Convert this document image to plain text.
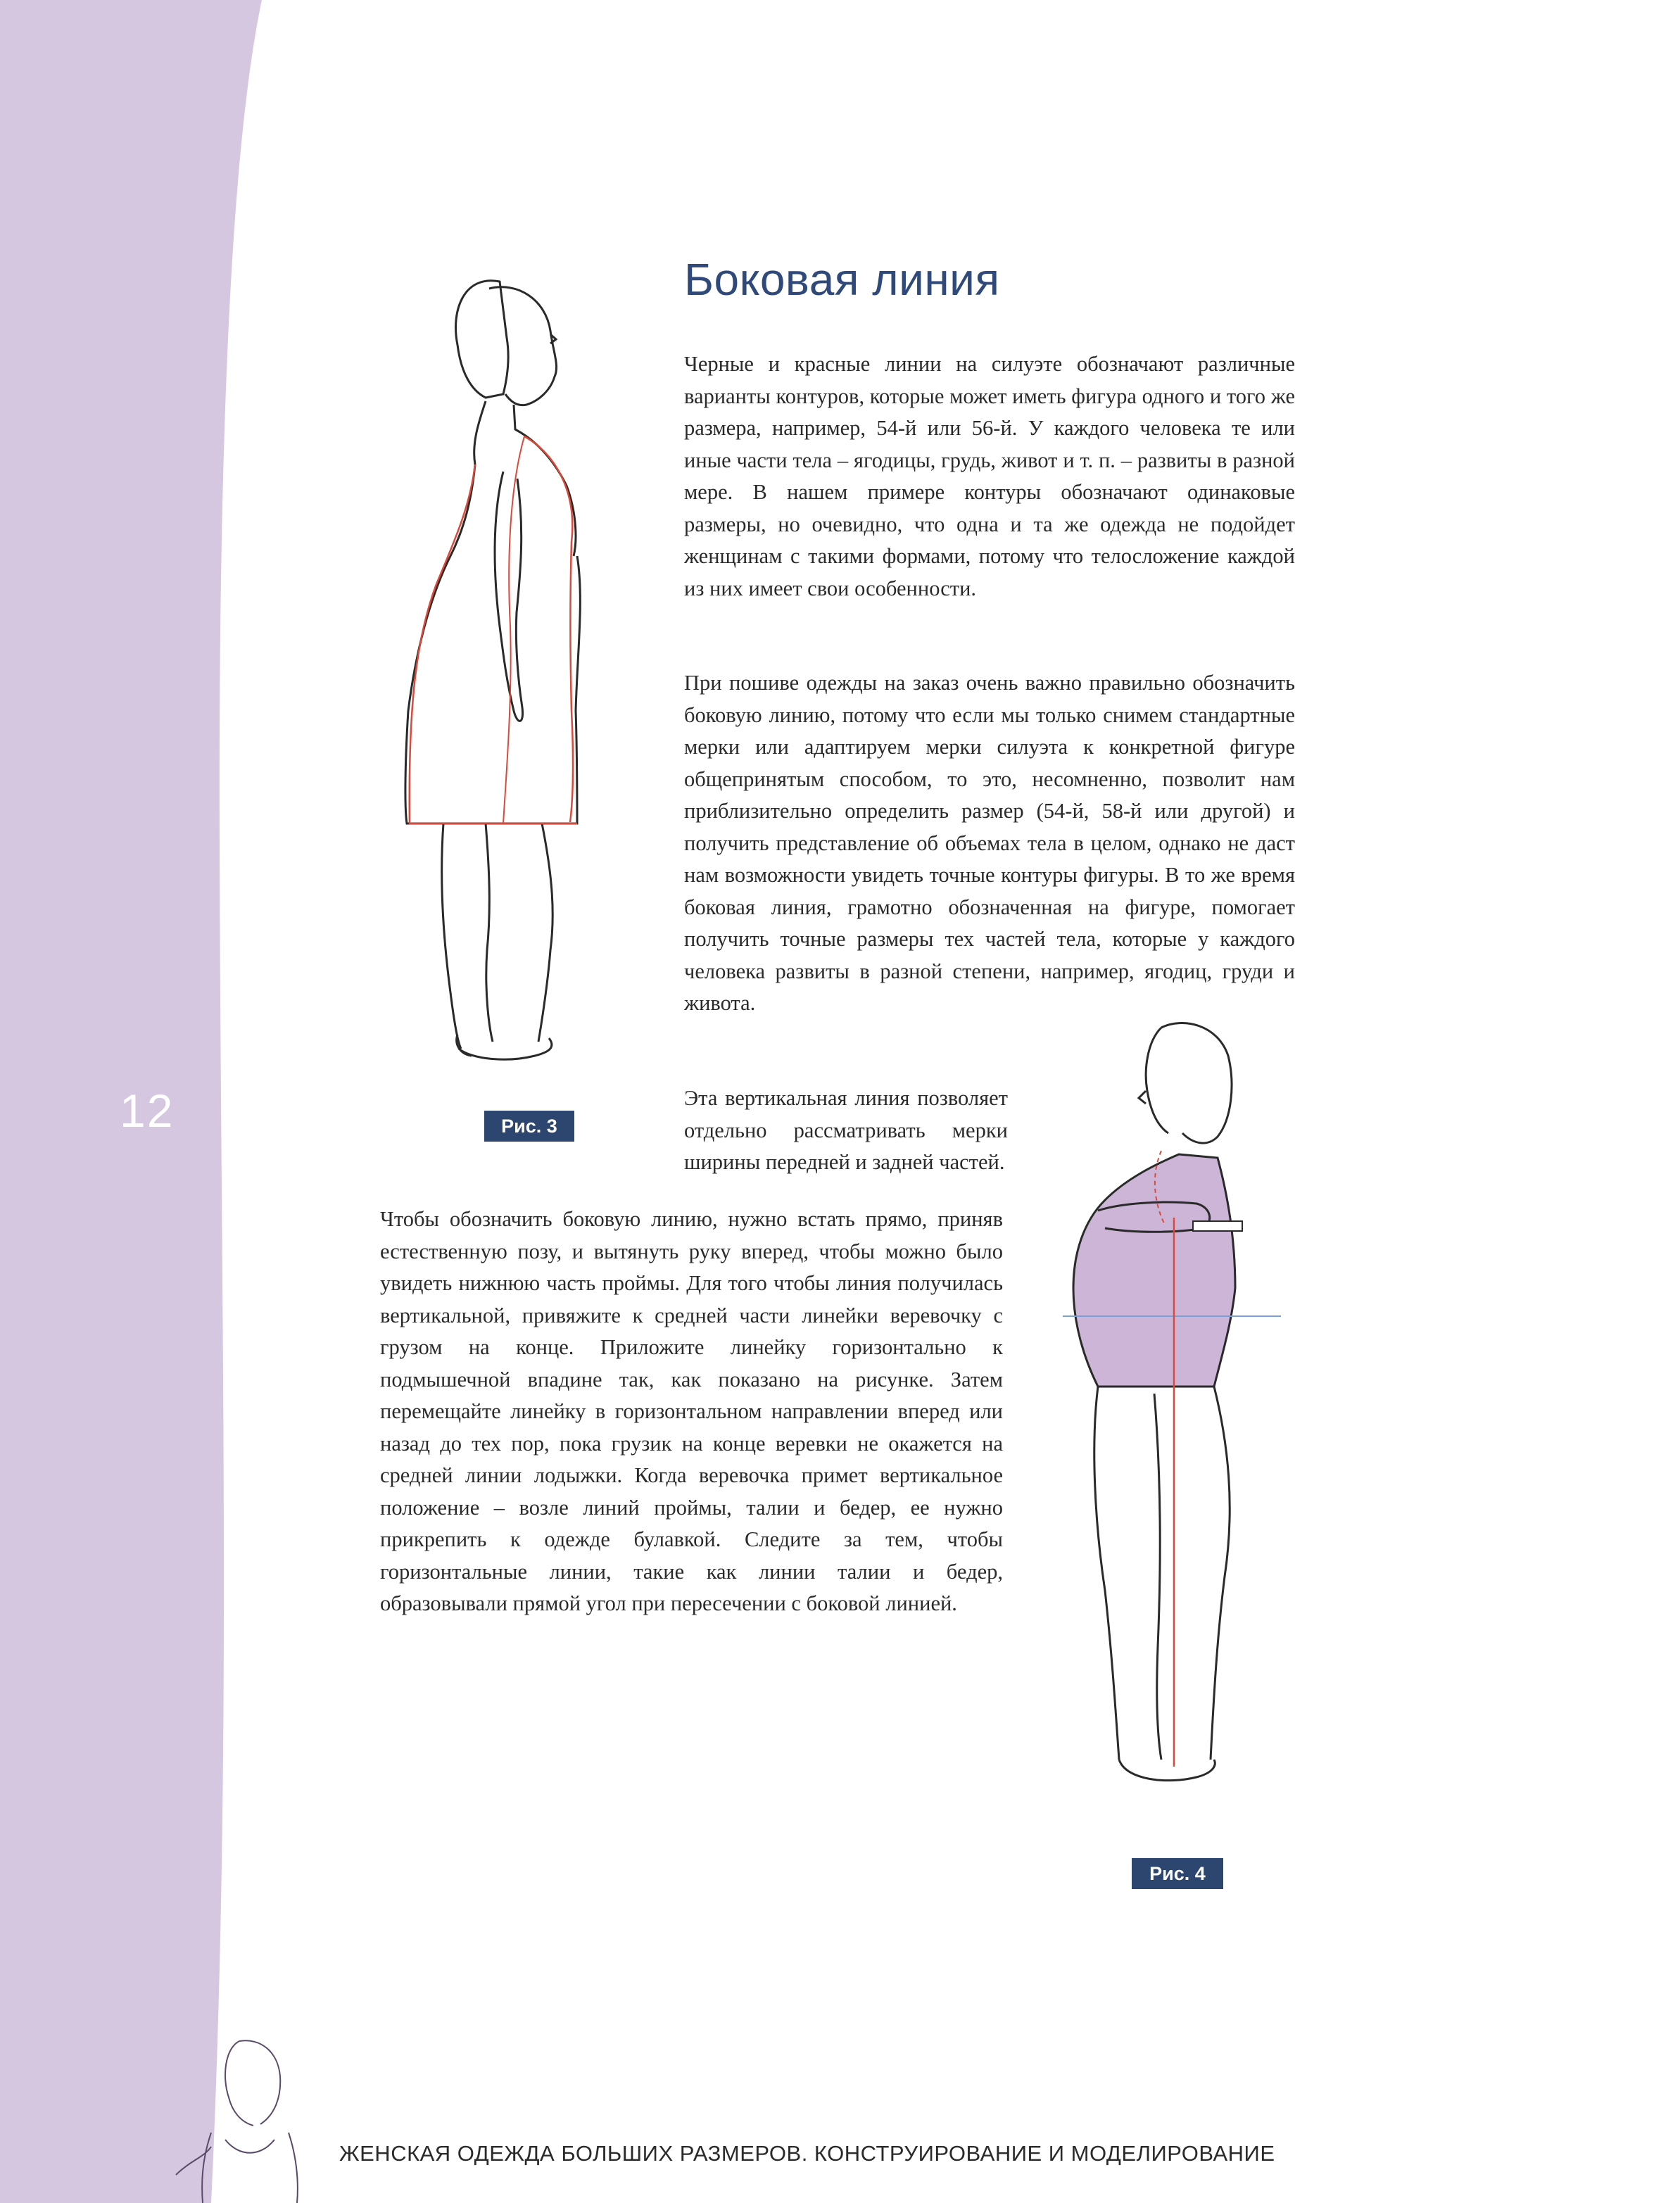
12
Боковая линия

Черные и красные линии на силуэте обозначают различные варианты контуров, которые может иметь фигура одного и того же размера, например, 54-й или 56-й. У каждого человека те или иные части тела – ягодицы, грудь, живот и т. п. – развиты в разной мере. В нашем примере контуры обозначают одинаковые размеры, но очевидно, что одна и та же одежда не подойдет женщинам с такими формами, потому что телосложение каждой из них имеет свои особенности.

При пошиве одежды на заказ очень важно правильно обозначить боковую линию, потому что если мы только снимем стандартные мерки или адаптируем мерки силуэта к конкретной фигуре общепринятым способом, то это, несомненно, позволит нам приблизительно определить размер (54-й, 58-й или другой) и получить представление об объемах тела в целом, однако не даст нам возможности увидеть точные контуры фигуры. В то же время боковая линия, грамотно обозначенная на фигуре, помогает получить точные размеры тех частей тела, которые у каждого человека развиты в разной степени, например, ягодиц, груди и живота.

Эта вертикальная линия позволяет отдельно рассматривать мерки ширины передней и задней частей.

Чтобы обозначить боковую линию, нужно встать прямо, приняв естественную позу, и вытянуть руку вперед, чтобы можно было увидеть нижнюю часть проймы. Для того чтобы линия получилась вертикальной, привяжите к средней части линейки веревочку с грузом на конце. Приложите линейку горизонтально к подмышечной впадине так, как показано на рисунке. Затем перемещайте линейку в горизонтальном направлении вперед или назад до тех пор, пока грузик на конце веревки не окажется на средней линии лодыжки. Когда веревочка примет вертикальное положение – возле линий проймы, талии и бедер, ее нужно прикрепить к одежде булавкой. Следите за тем, чтобы горизонтальные линии, такие как линии талии и бедер, образовывали прямой угол при пересечении с боковой линией.

Рис. 3
Рис. 4
ЖЕНСКАЯ ОДЕЖДА БОЛЬШИХ РАЗМЕРОВ. КОНСТРУИРОВАНИЕ И МОДЕЛИРОВАНИЕ
